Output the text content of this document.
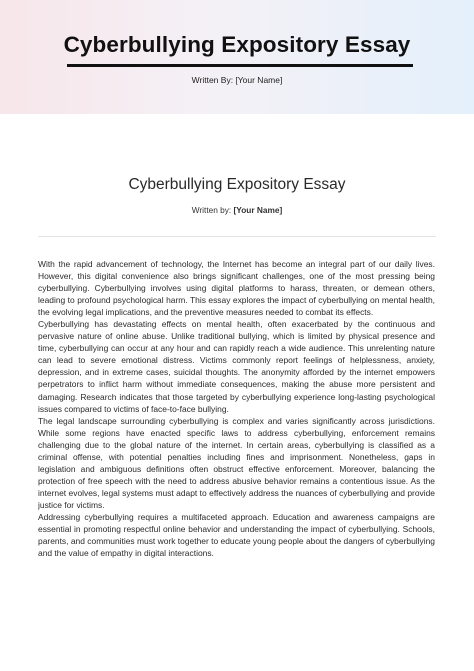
Cyberbullying Expository Essay
Written By: [Your Name]
Cyberbullying Expository Essay
Written by: [Your Name]

With the rapid advancement of technology, the Internet has become an integral part of our daily lives. However, this digital convenience also brings significant challenges, one of the most pressing being cyberbullying. Cyberbullying involves using digital platforms to harass, threaten, or demean others, leading to profound psychological harm. This essay explores the impact of cyberbullying on mental health, the evolving legal implications, and the preventive measures needed to combat its effects.

Cyberbullying has devastating effects on mental health, often exacerbated by the continuous and pervasive nature of online abuse. Unlike traditional bullying, which is limited by physical presence and time, cyberbullying can occur at any hour and can rapidly reach a wide audience. This unrelenting nature can lead to severe emotional distress. Victims commonly report feelings of helplessness, anxiety, depression, and in extreme cases, suicidal thoughts. The anonymity afforded by the internet empowers perpetrators to inflict harm without immediate consequences, making the abuse more persistent and damaging. Research indicates that those targeted by cyberbullying experience long-lasting psychological issues compared to victims of face-to-face bullying.

The legal landscape surrounding cyberbullying is complex and varies significantly across jurisdictions. While some regions have enacted specific laws to address cyberbullying, enforcement remains challenging due to the global nature of the internet. In certain areas, cyberbullying is classified as a criminal offense, with potential penalties including fines and imprisonment. Nonetheless, gaps in legislation and ambiguous definitions often obstruct effective enforcement. Moreover, balancing the protection of free speech with the need to address abusive behavior remains a contentious issue. As the internet evolves, legal systems must adapt to effectively address the nuances of cyberbullying and provide justice for victims.

Addressing cyberbullying requires a multifaceted approach. Education and awareness campaigns are essential in promoting respectful online behavior and understanding the impact of cyberbullying. Schools, parents, and communities must work together to educate young people about the dangers of cyberbullying and the value of empathy in digital interactions.
